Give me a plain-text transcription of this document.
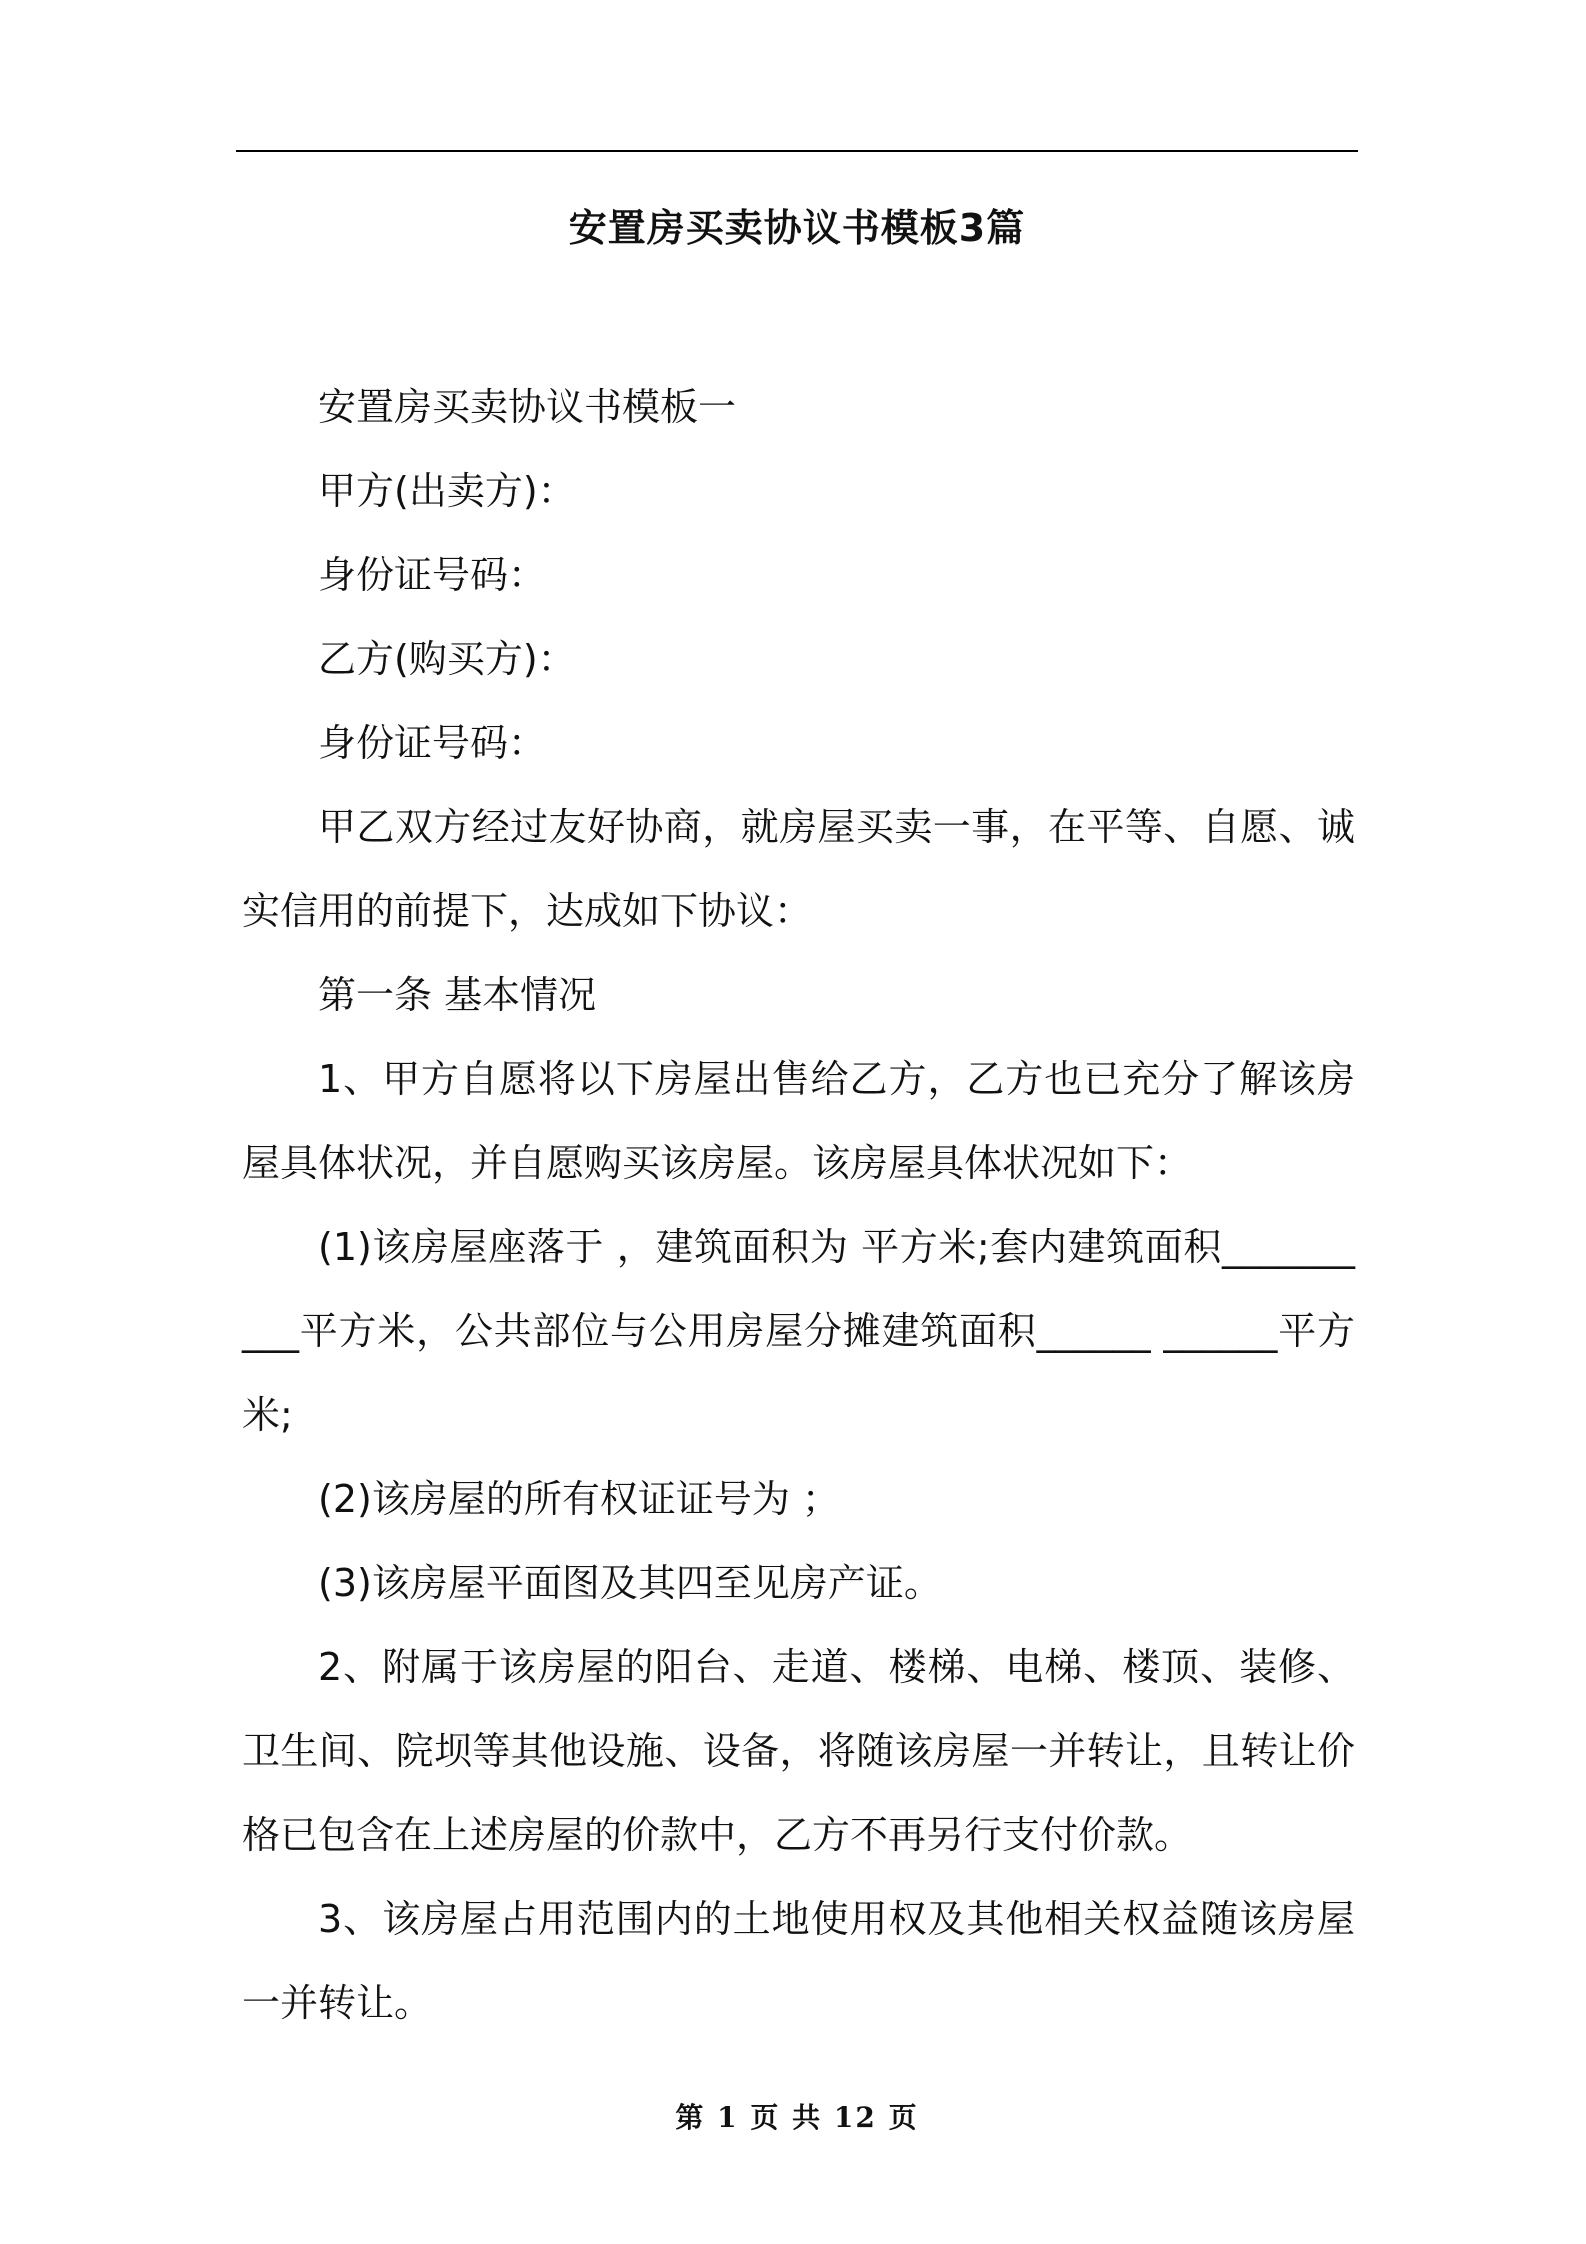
安置房买卖协议书模板3篇

安置房买卖协议书模板一

甲方(出卖方)：

身份证号码：

乙方(购买方)：

身份证号码：

甲乙双方经过友好协商，就房屋买卖一事，在平等、自愿、诚实信用的前提下，达成如下协议：

第一条 基本情况

1、甲方自愿将以下房屋出售给乙方，乙方也已充分了解该房屋具体状况，并自愿购买该房屋。该房屋具体状况如下：

(1)该房屋座落于 ，建筑面积为 平方米;套内建筑面积__________平方米，公共部位与公用房屋分摊建筑面积______ ______平方米;

(2)该房屋的所有权证证号为 ；

(3)该房屋平面图及其四至见房产证。

2、附属于该房屋的阳台、走道、楼梯、电梯、楼顶、装修、卫生间、院坝等其他设施、设备，将随该房屋一并转让，且转让价格已包含在上述房屋的价款中，乙方不再另行支付价款。

3、该房屋占用范围内的土地使用权及其他相关权益随该房屋一并转让。

第 1 页 共 12 页
